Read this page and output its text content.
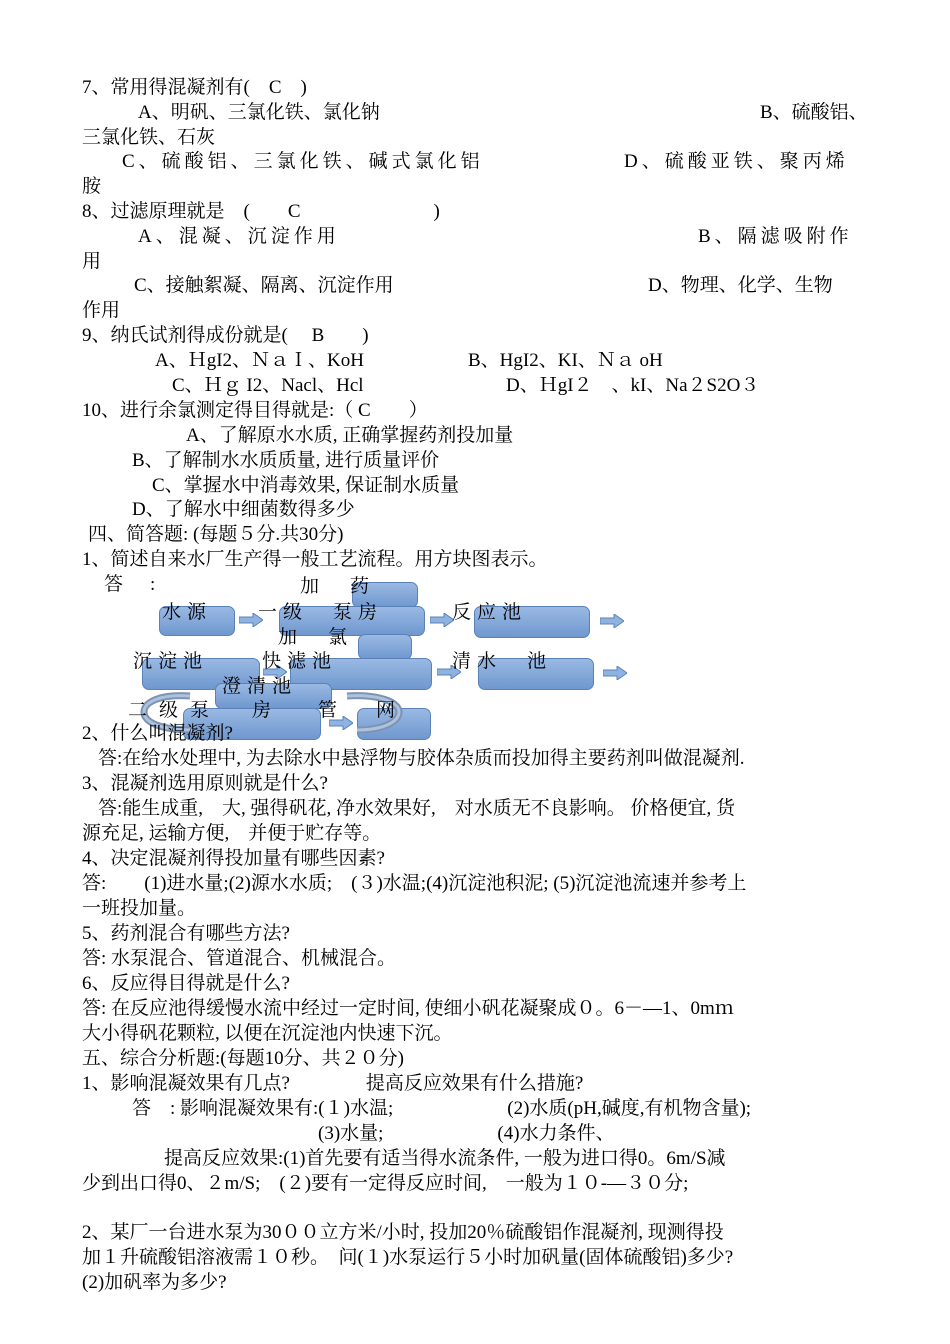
7、常用得混凝剂有(　C　)
A、明矾、三氯化铁、氯化钠	B、硫酸铝、
三氯化铁、石灰
C、硫酸铝、三氯化铁、碱式氯化铝	D、硫酸亚铁、聚丙烯
胺
8、过滤原理就是　(　　C　　　　　　　)
A、混凝、沉淀作用	B、隔滤吸附作
用
C、接触絮凝、隔离、沉淀作用	D、物理、化学、生物
作用
9、纳氏试剂得成份就是(　 B　　)
A、ＨgI2、ＮａＩ、KoH	B、HgI2、KI、Ｎａ oH
C、Ｈｇ I2、Nacl、Hcl	D、ＨgI２　、kI、Na２S2O３
10、进行余氯测定得目得就是:（ C　　）
A、了解原水水质, 正确掌握药剂投加量
B、了解制水水质质量, 进行质量评价
C、掌握水中消毒效果, 保证制水质量
D、了解水中细菌数得多少
四、简答题: (每题５分.共30分)
1、简述自来水厂生产得一般工艺流程。用方块图表示。
答　:	加　药
水源 一级　泵房	反应池
加　氯
沉淀池	快滤池	清水　池
澄清池
二级泵　房 管　网
2、什么叫混凝剂?
答:在给水处理中, 为去除水中悬浮物与胶体杂质而投加得主要药剂叫做混凝剂.
3、混凝剂选用原则就是什么?
答:能生成重,　大, 强得矾花, 净水效果好,　对水质无不良影响。 价格便宜, 货
源充足, 运输方便,　并便于贮存等。
4、决定混凝剂得投加量有哪些因素?
答:　　(1)进水量;(2)源水水质;　(３)水温;(4)沉淀池积泥; (5)沉淀池流速并参考上
一班投加量。
5、药剂混合有哪些方法?
答: 水泵混合、管道混合、机械混合。
6、反应得目得就是什么?
答: 在反应池得缓慢水流中经过一定时间, 使细小矾花凝聚成０。6－—1、0mｍ
大小得矾花颗粒, 以便在沉淀池内快速下沉。
五、综合分析题:(每题10分、共２０分)
1、影响混凝效果有几点?　　　　提高反应效果有什么措施?
答　: 影响混凝效果有:(１)水温;　　　　　　(2)水质(pH,碱度,有机物含量);
(3)水量;　　　　　　(4)水力条件、
提高反应效果:(1)首先要有适当得水流条件, 一般为进口得0。6m/S减
少到出口得0、２m/S;　(２)要有一定得反应时间,　一般为１０-—３０分;
2、某厂一台进水泵为30００立方米/小时, 投加20％硫酸铝作混凝剂, 现测得投
加１升硫酸铝溶液需１０秒。　问(１)水泵运行５小时加矾量(固体硫酸铝)多少?
(2)加矾率为多少?
